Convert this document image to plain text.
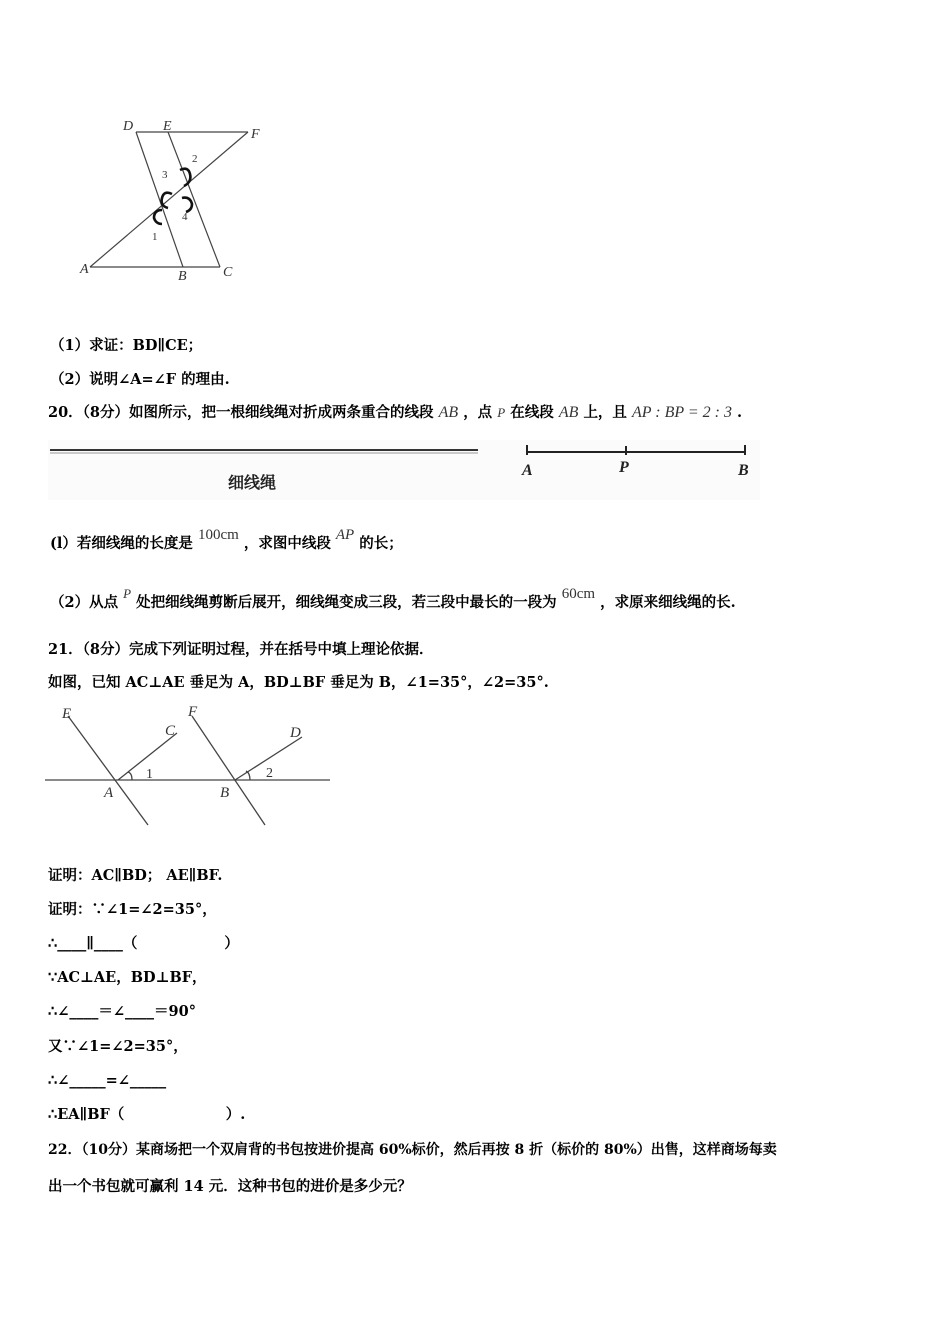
D E
F
A	B	C
2
3
4
1
（1）求证：BD∥CE；
（2）说明∠A=∠F 的理由.
20．（8分）如图所示，把一根细线绳对折成两条重合的线段 AB ，点 P 在线段 AB 上，且 AP : BP = 2 : 3 .
细线绳
A	P	B
(l）若细线绳的长度是 100cm ，求图中线段 AP 的长；
（2）从点 P 处把细线绳剪断后展开，细线绳变成三段，若三段中最长的一段为 60cm ，求原来细线绳的长.
21．（8分）完成下列证明过程，并在括号中填上理论依据．
如图，已知 AC⊥AE 垂足为 A，BD⊥BF 垂足为 B，∠1=35°，∠2=35°.
E
C
A
F
D
B
1	2
证明：AC∥BD； AE∥BF.
证明：∵∠1=∠2=35°，
∴____∥____（　　　　　　）
∵AC⊥AE，BD⊥BF，
∴∠____＝∠____＝90°
又∵∠1=∠2=35°，
∴∠_____=∠_____
∴EA∥BF（　　　　　　　）.
22．（10分）某商场把一个双肩背的书包按进价提高 60%标价，然后再按 8 折（标价的 80%）出售，这样商场每卖
出一个书包就可赢利 14 元．这种书包的进价是多少元？
